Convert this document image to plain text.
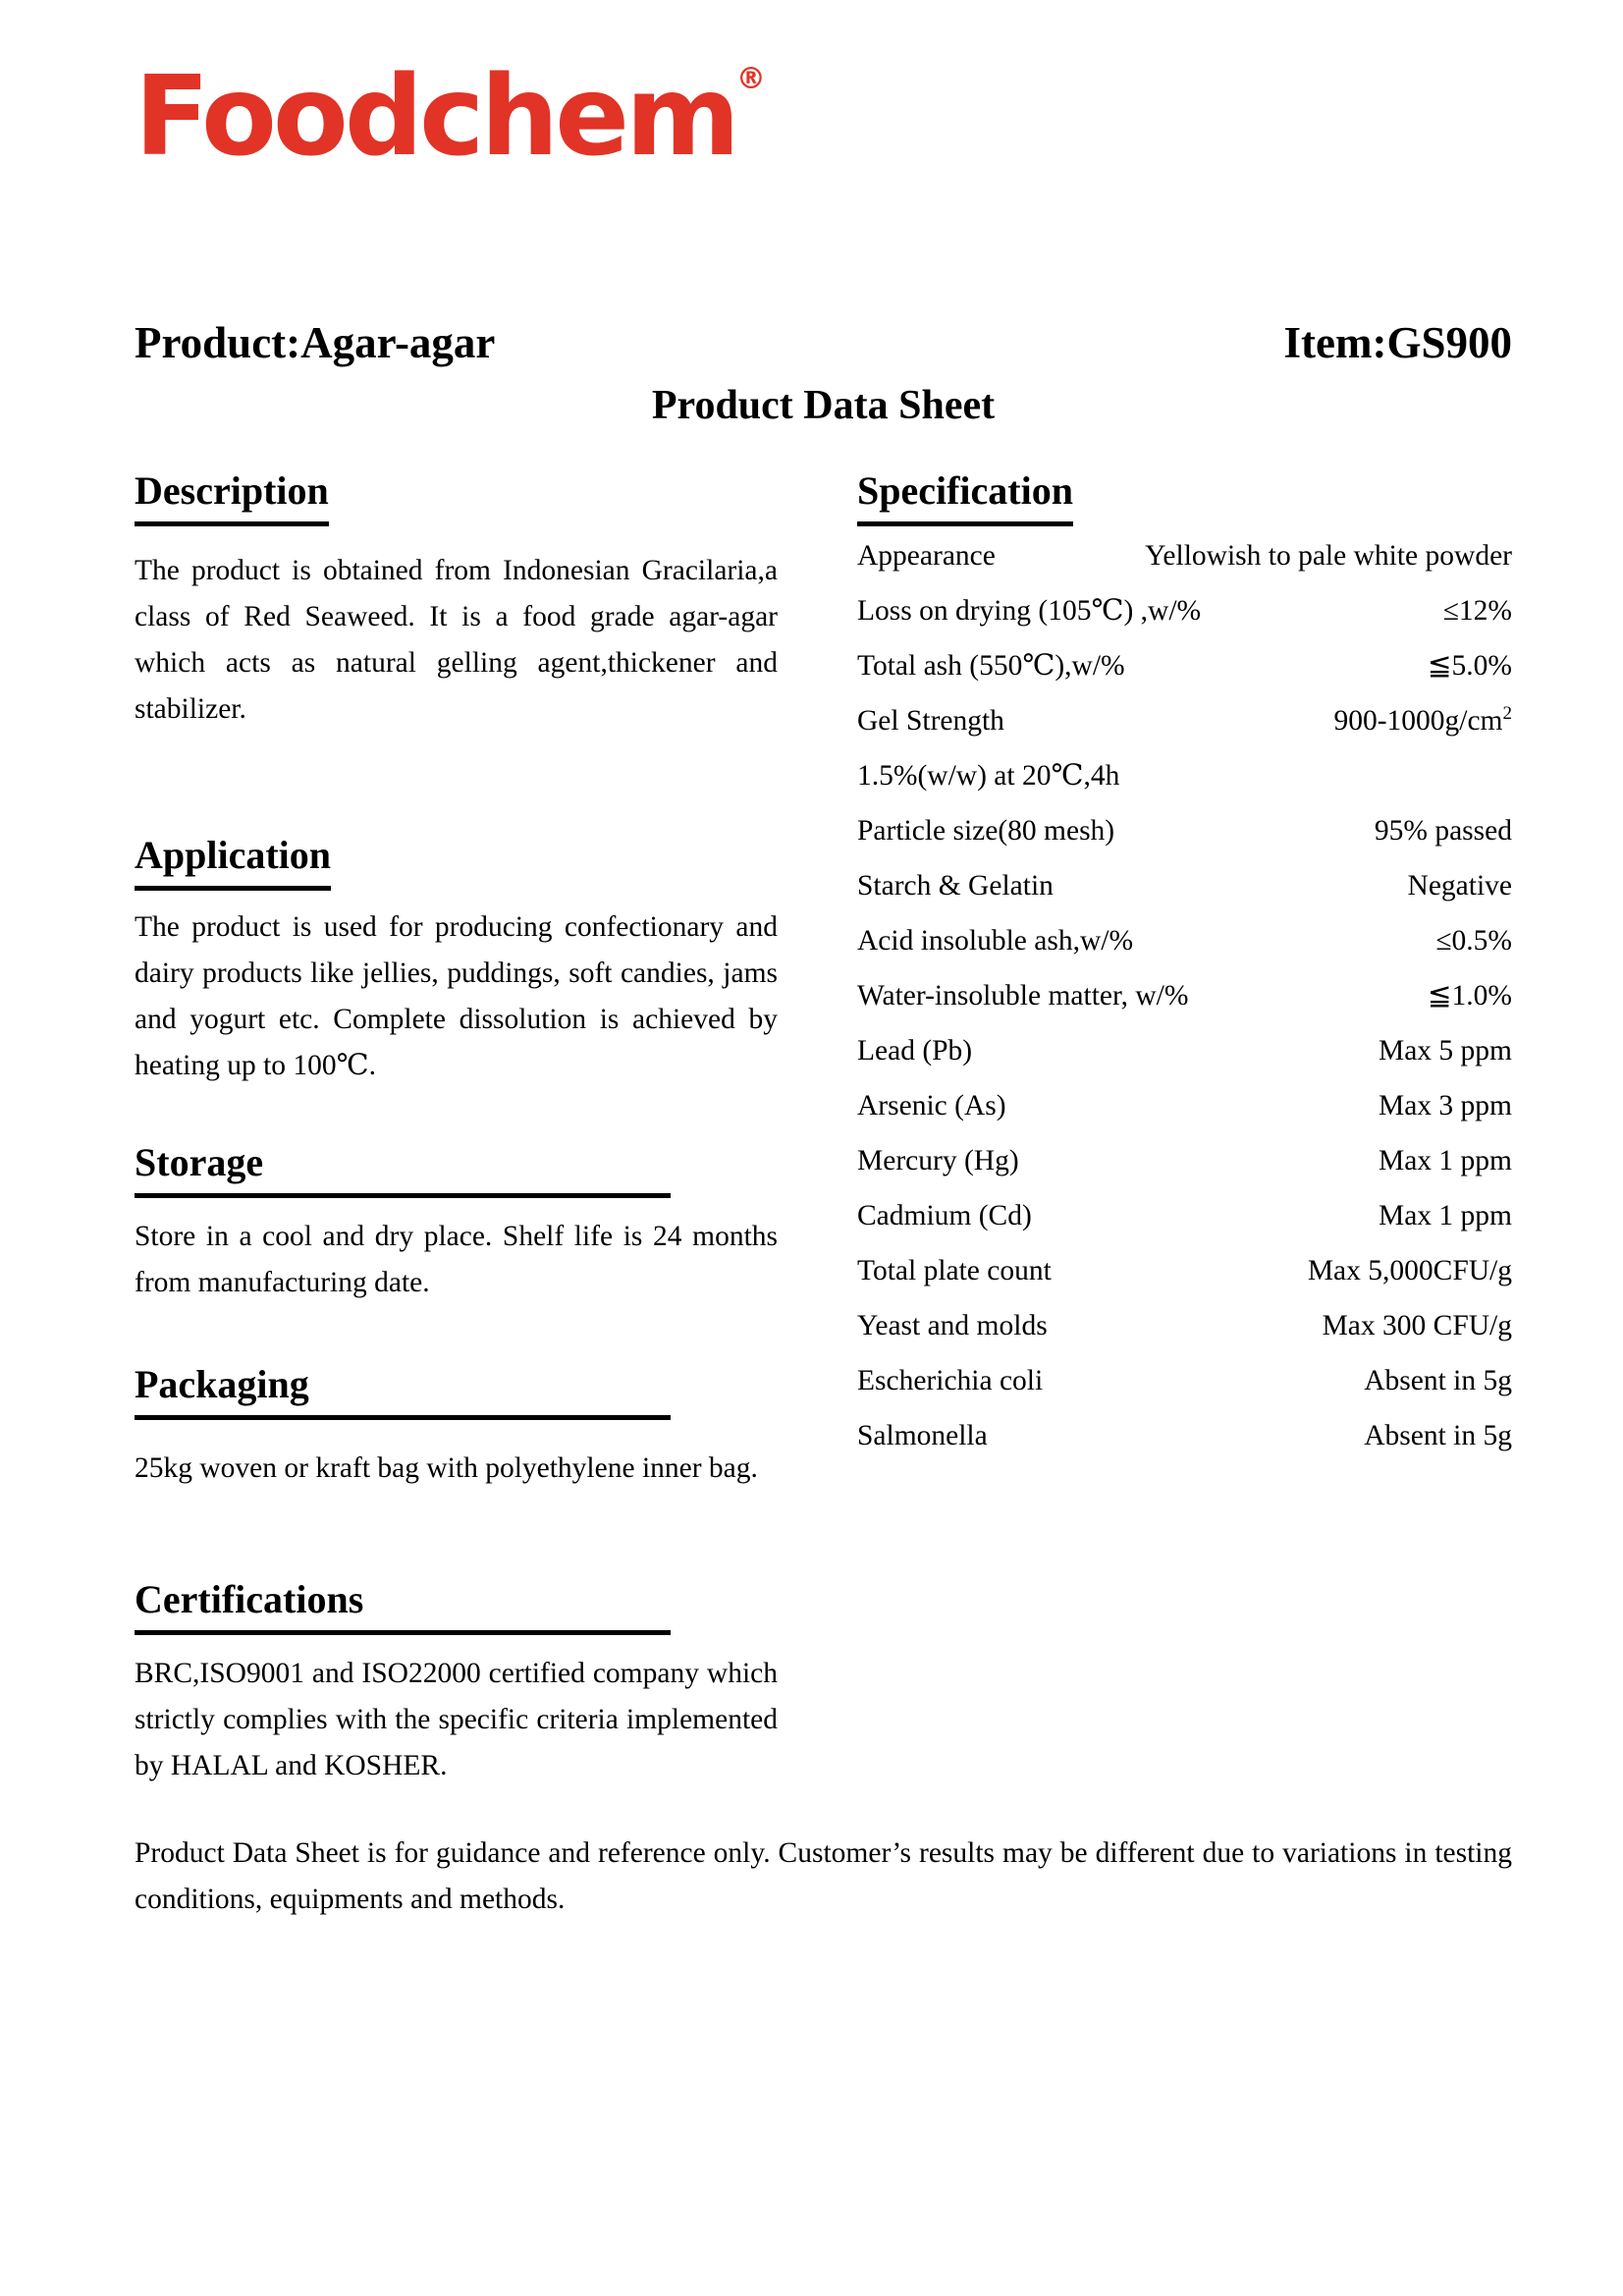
Foodchem®
Product:Agar-agar	Item:GS900
Product Data Sheet
Description
The product is obtained from Indonesian Gracilaria,a class of Red Seaweed. It is a food grade agar-agar which acts as natural gelling agent,thickener and stabilizer.
Application
The product is used for producing confectionary and dairy products like jellies, puddings, soft candies, jams and yogurt etc. Complete dissolution is achieved by heating up to 100℃.
Storage
Store in a cool and dry place. Shelf life is 24 months from manufacturing date.
Packaging
25kg woven or kraft bag with polyethylene inner bag.
Certifications
BRC,ISO9001 and ISO22000 certified company which strictly complies with the specific criteria implemented by HALAL and KOSHER.
Specification
Appearance	Yellowish to pale white powder
Loss on drying (105℃) ,w/%	≤12%
Total ash (550℃),w/%	≦5.0%
Gel Strength	$900-1000g/cm^2$
1.5%(w/w) at 20℃,4h
Particle size(80 mesh)	95% passed
Starch & Gelatin	Negative
Acid insoluble ash,w/%	≤0.5%
Water-insoluble matter, w/%	≦1.0%
Lead (Pb)	Max 5 ppm
Arsenic (As)	Max 3 ppm
Mercury (Hg)	Max 1 ppm
Cadmium (Cd)	Max 1 ppm
Total plate count	Max 5,000CFU/g
Yeast and molds	Max 300 CFU/g
Escherichia coli	Absent in 5g
Salmonella	Absent in 5g
Product Data Sheet is for guidance and reference only. Customer’s results may be different due to variations in testing conditions, equipments and methods.
